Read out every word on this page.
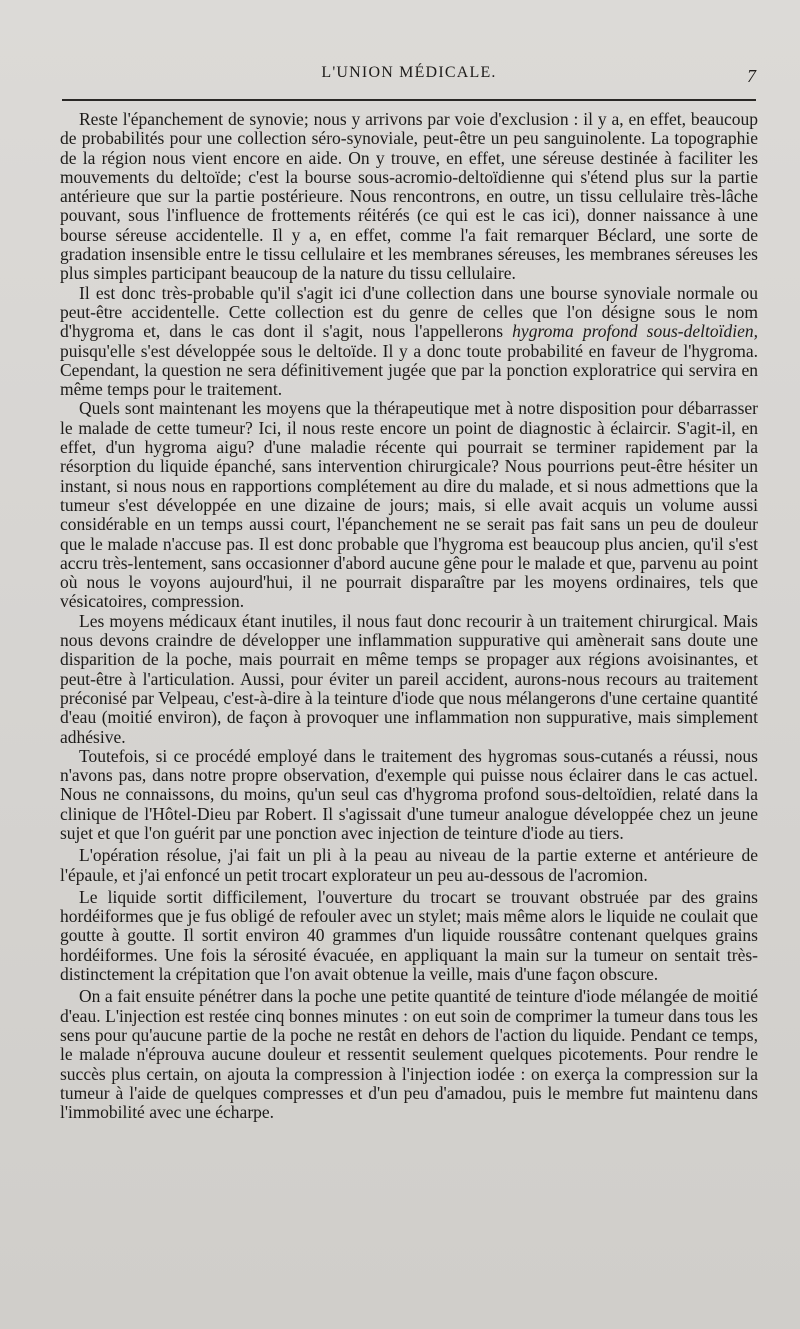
L'UNION MÉDICALE.	7

Reste l'épanchement de synovie; nous y arrivons par voie d'exclusion : il y a, en effet, beaucoup de probabilités pour une collection séro-synoviale, peut-être un peu sanguinolente. La topographie de la région nous vient encore en aide. On y trouve, en effet, une séreuse destinée à faciliter les mouvements du deltoïde; c'est la bourse sous-acromio-deltoïdienne qui s'étend plus sur la partie antérieure que sur la partie postérieure. Nous rencontrons, en outre, un tissu cellulaire très-lâche pouvant, sous l'influence de frottements réitérés (ce qui est le cas ici), donner naissance à une bourse séreuse accidentelle. Il y a, en effet, comme l'a fait remarquer Béclard, une sorte de gradation insensible entre le tissu cellulaire et les membranes séreuses, les membranes séreuses les plus simples participant beaucoup de la nature du tissu cellulaire.

Il est donc très-probable qu'il s'agit ici d'une collection dans une bourse synoviale normale ou peut-être accidentelle. Cette collection est du genre de celles que l'on désigne sous le nom d'hygroma et, dans le cas dont il s'agit, nous l'appellerons hygroma profond sous-deltoïdien, puisqu'elle s'est développée sous le deltoïde. Il y a donc toute probabilité en faveur de l'hygroma. Cependant, la question ne sera définitivement jugée que par la ponction exploratrice qui servira en même temps pour le traitement.

Quels sont maintenant les moyens que la thérapeutique met à notre disposition pour débarrasser le malade de cette tumeur? Ici, il nous reste encore un point de diagnostic à éclaircir. S'agit-il, en effet, d'un hygroma aigu? d'une maladie récente qui pourrait se terminer rapidement par la résorption du liquide épanché, sans intervention chirurgicale? Nous pourrions peut-être hésiter un instant, si nous nous en rapportions complétement au dire du malade, et si nous admettions que la tumeur s'est développée en une dizaine de jours; mais, si elle avait acquis un volume aussi considérable en un temps aussi court, l'épanchement ne se serait pas fait sans un peu de douleur que le malade n'accuse pas. Il est donc probable que l'hygroma est beaucoup plus ancien, qu'il s'est accru très-lentement, sans occasionner d'abord aucune gêne pour le malade et que, parvenu au point où nous le voyons aujourd'hui, il ne pourrait disparaître par les moyens ordinaires, tels que vésicatoires, compression.

Les moyens médicaux étant inutiles, il nous faut donc recourir à un traitement chirurgical. Mais nous devons craindre de développer une inflammation suppurative qui amènerait sans doute une disparition de la poche, mais pourrait en même temps se propager aux régions avoisinantes, et peut-être à l'articulation. Aussi, pour éviter un pareil accident, aurons-nous recours au traitement préconisé par Velpeau, c'est-à-dire à la teinture d'iode que nous mélangerons d'une certaine quantité d'eau (moitié environ), de façon à provoquer une inflammation non suppurative, mais simplement adhésive.

Toutefois, si ce procédé employé dans le traitement des hygromas sous-cutanés a réussi, nous n'avons pas, dans notre propre observation, d'exemple qui puisse nous éclairer dans le cas actuel. Nous ne connaissons, du moins, qu'un seul cas d'hygroma profond sous-deltoïdien, relaté dans la clinique de l'Hôtel-Dieu par Robert. Il s'agissait d'une tumeur analogue développée chez un jeune sujet et que l'on guérit par une ponction avec injection de teinture d'iode au tiers.

L'opération résolue, j'ai fait un pli à la peau au niveau de la partie externe et antérieure de l'épaule, et j'ai enfoncé un petit trocart explorateur un peu au-dessous de l'acromion.

Le liquide sortit difficilement, l'ouverture du trocart se trouvant obstruée par des grains hordéiformes que je fus obligé de refouler avec un stylet; mais même alors le liquide ne coulait que goutte à goutte. Il sortit environ 40 grammes d'un liquide roussâtre contenant quelques grains hordéiformes. Une fois la sérosité évacuée, en appliquant la main sur la tumeur on sentait très-distinctement la crépitation que l'on avait obtenue la veille, mais d'une façon obscure.

On a fait ensuite pénétrer dans la poche une petite quantité de teinture d'iode mélangée de moitié d'eau. L'injection est restée cinq bonnes minutes : on eut soin de comprimer la tumeur dans tous les sens pour qu'aucune partie de la poche ne restât en dehors de l'action du liquide. Pendant ce temps, le malade n'éprouva aucune douleur et ressentit seulement quelques picotements. Pour rendre le succès plus certain, on ajouta la compression à l'injection iodée : on exerça la compression sur la tumeur à l'aide de quelques compresses et d'un peu d'amadou, puis le membre fut maintenu dans l'immobilité avec une écharpe.
